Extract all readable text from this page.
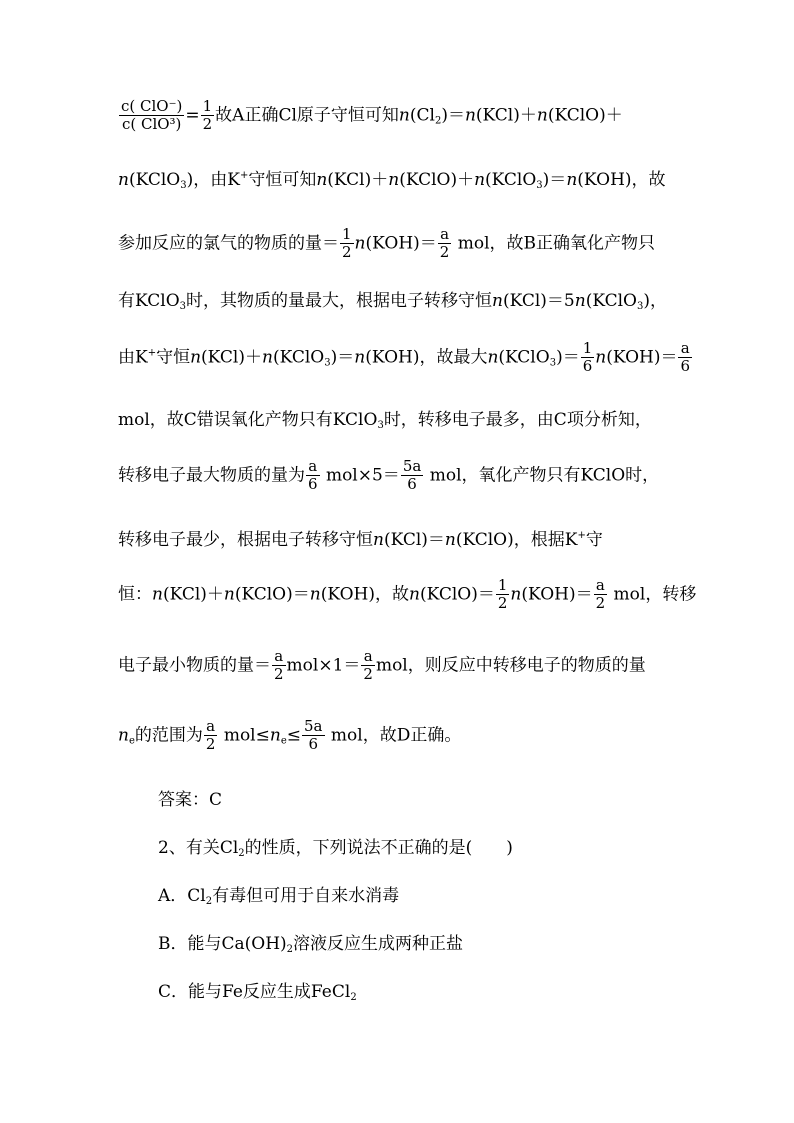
$\frac{\text{c( ClO⁻)}}{\text{c( ClO³)}} = \frac{1}{2}$ 故A正确Cl原子守恒可知$n(Cl_2)=n(KCl)+n(KClO)+$
n(KClO$_3$)，由K+守恒可知n(KCl)＋n(KClO)＋n(KClO$_3$)＝n(KOH)，故
参加反应的氯气的物质的量＝ $\frac{1}{2} n(KOH)= \frac{a}{2}$ mol，故B正确氧化产物只
有KClO$_3$时，其物质的量最大，根据电子转移守恒n(KCl)＝5n(KClO$_3$)，
由K+守恒n(KCl)＋n(KClO$_3$)＝n(KOH)，故最大n(KClO$_3$)＝ $\frac{1}{6} n(KOH)= \frac{a}{6}$
mol，故C错误氧化产物只有KClO$_3$时，转移电子最多，由C项分析知，
转移电子最大物质的量为 $\frac{a}{6} mol\times 5= \frac{5a}{6}$ mol，氧化产物只有KClO时，
转移电子最少，根据电子转移守恒n(KCl)＝n(KClO)，根据K+守
恒：n(KCl)＋n(KClO)＝n(KOH)，故n(KClO)＝ $\frac{1}{2} n(KOH)= \frac{a}{2}$ mol，转移
电子最小物质的量＝ $\frac{a}{2} mol\times 1= \frac{a}{2}$ mol，则反应中转移电子的物质的量
$n_e$的范围为 $\frac{a}{2} mol\le n_e\le \frac{5a}{6}$ mol，故D正确。
答案：C
2、有关$Cl_2$的性质，下列说法不正确的是(　　)
A．$Cl_2$有毒但可用于自来水消毒
B．能与$Ca(OH)_2$溶液反应生成两种正盐
C．能与Fe反应生成FeCl$_2$
